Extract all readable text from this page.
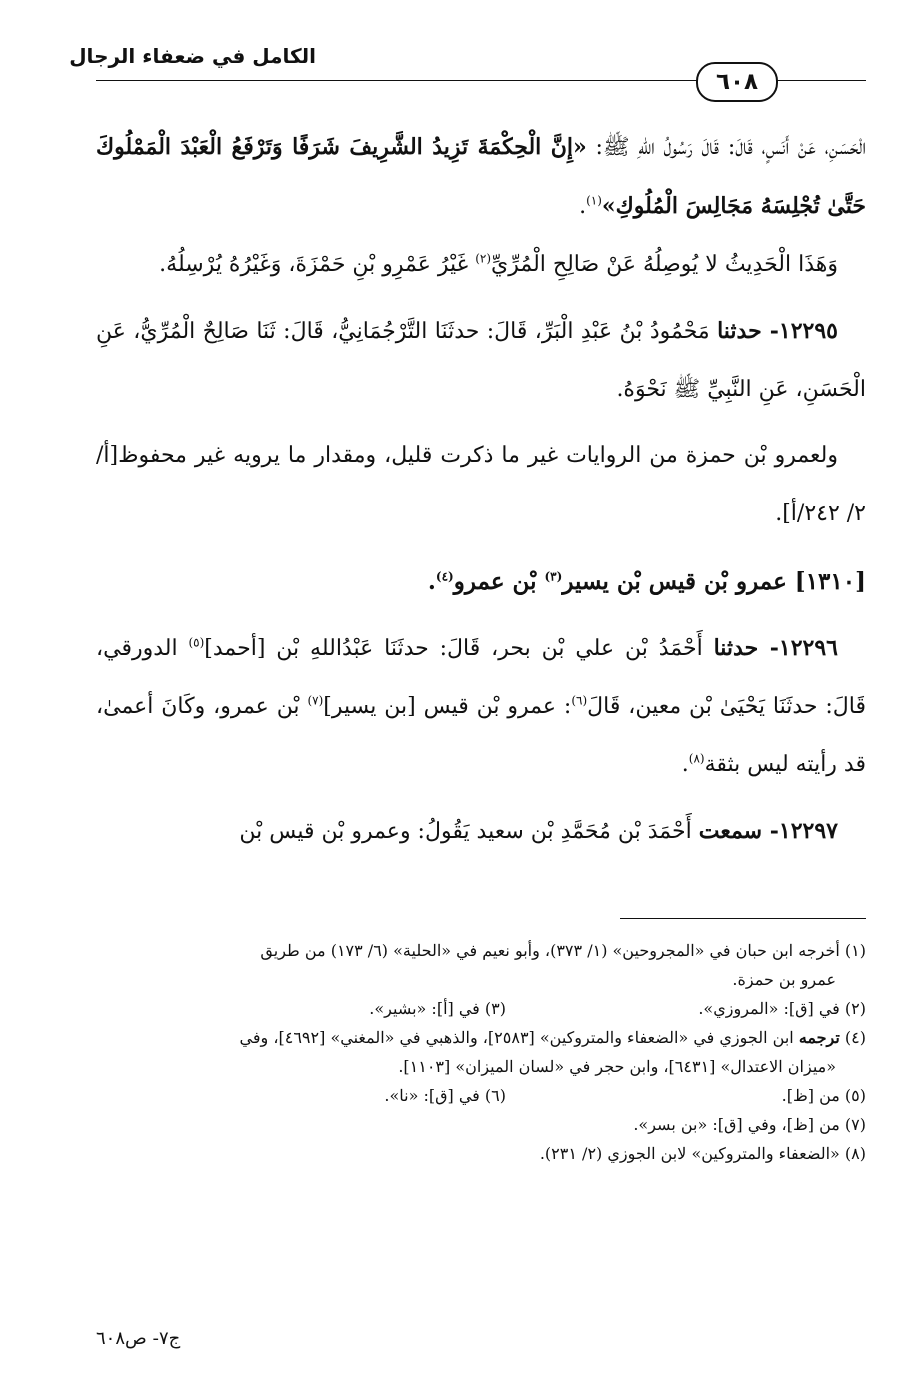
الكامل في ضعفاء الرجال
٦٠٨

الْحَسَنِ، عَنْ أَنَسٍ، قَالَ: قَالَ رَسُولُ اللهِ ﷺ: «إِنَّ الْحِكْمَةَ تَزِيدُ الشَّرِيفَ شَرَفًا وَتَرْفَعُ الْعَبْدَ الْمَمْلُوكَ حَتَّىٰ تُجْلِسَهُ مَجَالِسَ الْمُلُوكِ»$^{(١)}$.

وَهَذَا الْحَدِيثُ لا يُوصِلُهُ عَنْ صَالِحِ الْمُرِّيِّ$^{(٢)}$ غَيْرُ عَمْرِو بْنِ حَمْزَةَ، وَغَيْرُهُ يُرْسِلُهُ.

١٢٢٩٥- حدثنا مَحْمُودُ بْنُ عَبْدِ الْبَرِّ، قَالَ: حدثَنَا التَّرْجُمَانِيُّ، قَالَ: ثَنَا صَالِحٌ الْمُرِّيُّ، عَنِ الْحَسَنِ، عَنِ النَّبِيِّ ﷺ نَحْوَهُ.

ولعمرو بْن حمزة من الروايات غير ما ذكرت قليل، ومقدار ما يرويه غير محفوظ[أ/ ٢/ ٢٤٢/أ].

[١٣١٠] عمرو بْن قيس بْن يسير$^{(٣)}$ بْن عمرو$^{(٤)}$.

١٢٢٩٦- حدثنا أَحْمَدُ بْن علي بْن بحر، قَالَ: حدثَنَا عَبْدُاللهِ بْن [أحمد]$^{(٥)}$ الدورقي، قَالَ: حدثَنَا يَحْيَىٰ بْن معين، قَالَ$^{(٦)}$: عمرو بْن قيس [بن يسير]$^{(٧)}$ بْن عمرو، وكَانَ أعمىٰ، قد رأيته ليس بثقة$^{(٨)}$.

١٢٢٩٧- سمعت أَحْمَدَ بْن مُحَمَّدِ بْن سعيد يَقُولُ: وعمرو بْن قيس بْن

(١) أخرجه ابن حبان في «المجروحين» (١/ ٣٧٣)، وأبو نعيم في «الحلية» (٦/ ١٧٣) من طريق

عمرو بن حمزة.

(٢) في [ق]: «المروزي».
(٣) في [أ]: «بشير».

(٤) ترجمه ابن الجوزي في «الضعفاء والمتروكين» [٢٥٨٣]، والذهبي في «المغني» [٤٦٩٢]، وفي

«ميزان الاعتدال» [٦٤٣١]، وابن حجر في «لسان الميزان» [١١٠٣].

(٥) من [ظ].
(٦) في [ق]: «نا».

(٧) من [ظ]، وفي [ق]: «بن بسر».

(٨) «الضعفاء والمتروكين» لابن الجوزي (٢/ ٢٣١).

ج٧- ص٦٠٨
